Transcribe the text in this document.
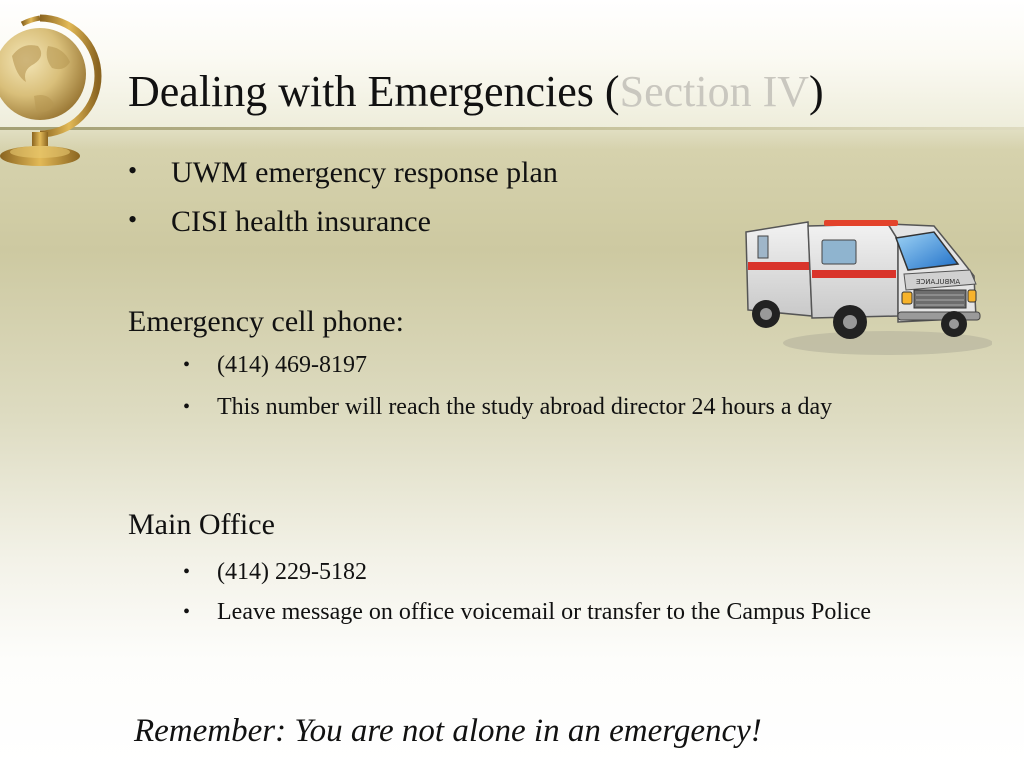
Dealing with Emergencies (Section IV)
• UWM emergency response plan
• CISI health insurance
AMBULANCE
Emergency cell phone:
• (414) 469-8197
• This number will reach the study abroad director 24 hours a day
Main Office
• (414) 229-5182
• Leave message on office voicemail or transfer to the Campus Police
Remember: You are not alone in an emergency!
